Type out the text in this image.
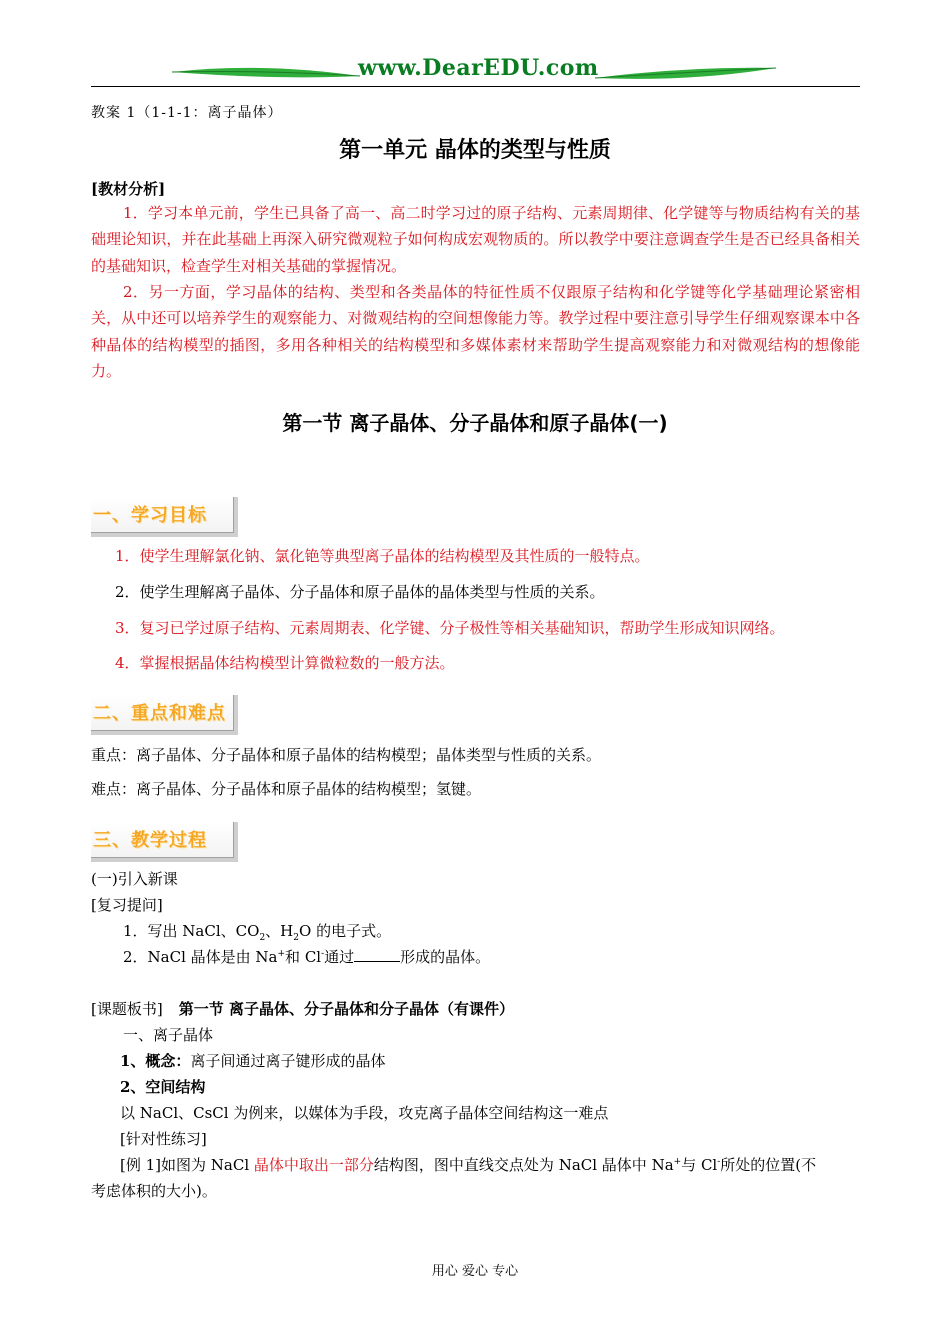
www.DearEDU.com
教案 1（1-1-1：离子晶体）
第一单元 晶体的类型与性质
[教材分析]
1．学习本单元前，学生已具备了高一、高二时学习过的原子结构、元素周期律、化学键等与物质结构有关的基础理论知识，并在此基础上再深入研究微观粒子如何构成宏观物质的。所以教学中要注意调查学生是否已经具备相关的基础知识，检查学生对相关基础的掌握情况。
2．另一方面，学习晶体的结构、类型和各类晶体的特征性质不仅跟原子结构和化学键等化学基础理论紧密相关，从中还可以培养学生的观察能力、对微观结构的空间想像能力等。教学过程中要注意引导学生仔细观察课本中各种晶体的结构模型的插图，多用各种相关的结构模型和多媒体素材来帮助学生提高观察能力和对微观结构的想像能力。
第一节 离子晶体、分子晶体和原子晶体(一)
一、学习目标
1．使学生理解氯化钠、氯化铯等典型离子晶体的结构模型及其性质的一般特点。
2．使学生理解离子晶体、分子晶体和原子晶体的晶体类型与性质的关系。
3．复习已学过原子结构、元素周期表、化学键、分子极性等相关基础知识，帮助学生形成知识网络。
4．掌握根据晶体结构模型计算微粒数的一般方法。
二、重点和难点
重点：离子晶体、分子晶体和原子晶体的结构模型；晶体类型与性质的关系。
难点：离子晶体、分子晶体和原子晶体的结构模型；氢键。
三、教学过程
(一)引入新课
[复习提问]
1．写出 NaCl、$CO_2$、$H_2O$ 的电子式。
2．NaCl 晶体是由 Na+和 Cl-通过	形成的晶体。
[课题板书] 第一节 离子晶体、分子晶体和分子晶体（有课件）
一、离子晶体
1、概念：离子间通过离子键形成的晶体
2、空间结构
以 NaCl、CsCl 为例来，以媒体为手段，攻克离子晶体空间结构这一难点
[针对性练习]
[例 1]如图为 NaCl 晶体中取出一部分结构图，图中直线交点处为 NaCl 晶体中 Na+与 Cl-所处的位置(不
考虑体积的大小)。
用心 爱心 专心
